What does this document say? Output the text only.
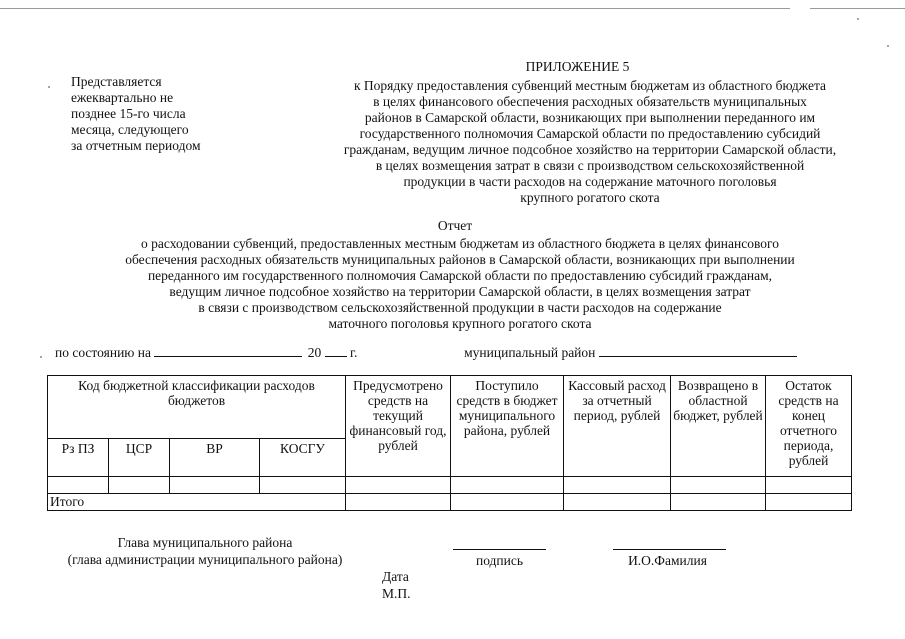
Представляется
ежеквартально не
позднее 15-го числа
месяца, следующего
за отчетным периодом
ПРИЛОЖЕНИЕ 5
к Порядку предоставления субвенций местным бюджетам из областного бюджета
в целях финансового обеспечения расходных обязательств муниципальных
районов в Самарской области, возникающих при выполнении переданного им
государственного полномочия Самарской области по предоставлению субсидий
гражданам, ведущим личное подсобное хозяйство на территории Самарской области,
в целях возмещения затрат в связи с производством сельскохозяйственной
продукции в части расходов на содержание маточного поголовья
крупного рогатого скота
Отчет
о расходовании субвенций, предоставленных местным бюджетам из областного бюджета в целях финансового
обеспечения расходных обязательств муниципальных районов в Самарской области, возникающих при выполнении
переданного им государственного полномочия Самарской области по предоставлению субсидий гражданам,
ведущим личное подсобное хозяйство на территории Самарской области, в целях возмещения затрат
в связи с производством сельскохозяйственной продукции в части расходов на содержание
маточного поголовья крупного рогатого скота
по состоянию на	20 г.	муниципальный район
Код бюджетной классификации расходов бюджетов				Предусмотрено средств на текущий финансовый год, рублей	Поступило средств в бюджет муниципального района, рублей	Кассовый расход за отчетный период, рублей	Возвращено в областной бюджет, рублей	Остаток средств на конец отчетного периода, рублей
Рз ПЗ	ЦСР	ВР	КОСГУ					

Итого								
Глава муниципального района
(глава администрации муниципального района)	подпись	И.О.Фамилия
Дата
М.П.
